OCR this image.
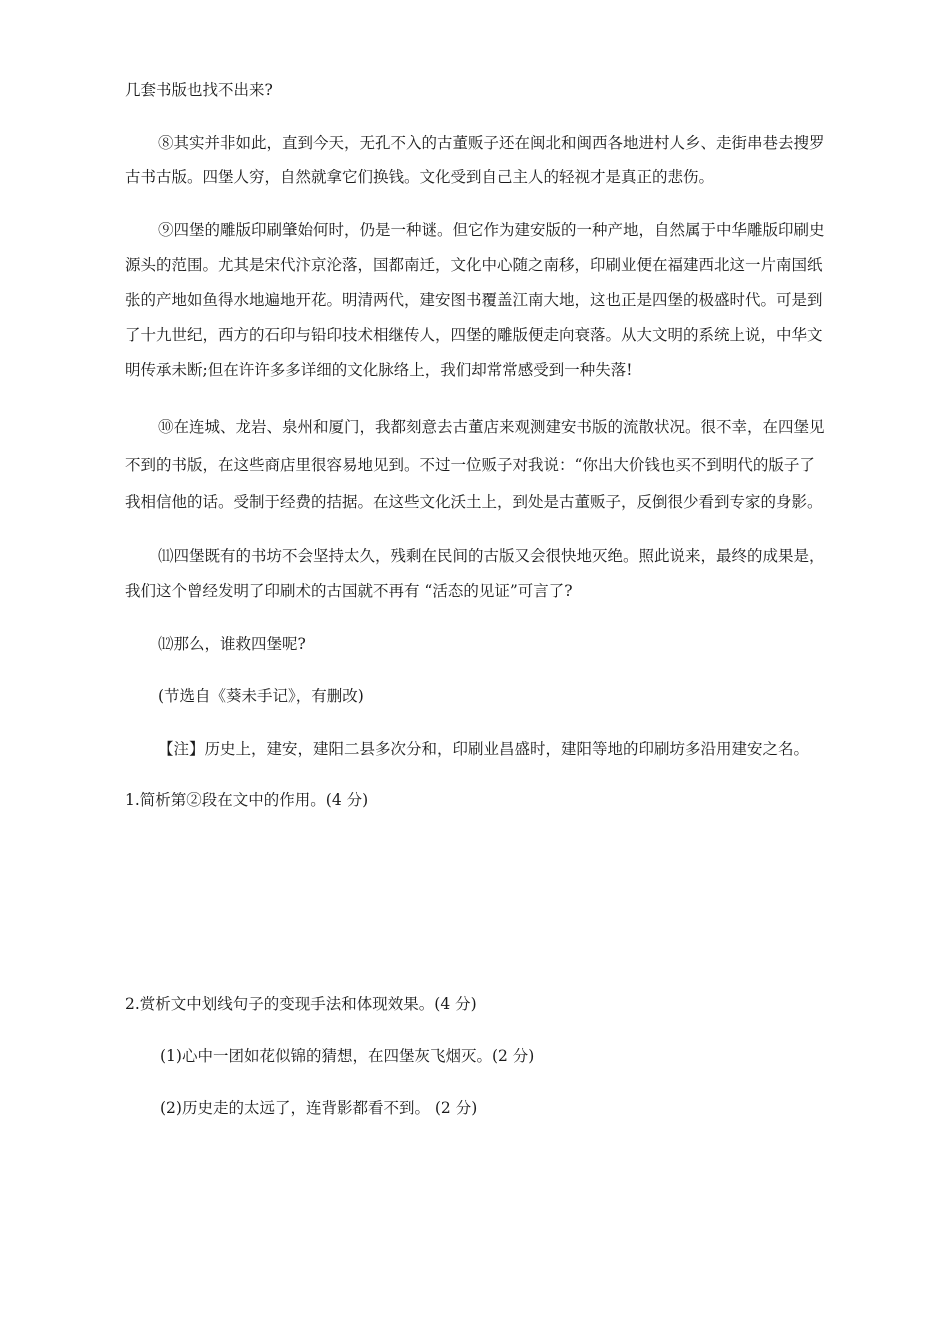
几套书版也找不出来?
⑧其实并非如此，直到今天，无孔不入的古董贩子还在闽北和闽西各地进村人乡、走街串巷去搜罗
古书古版。四堡人穷，自然就拿它们换钱。文化受到自己主人的轻视才是真正的悲伤。
⑨四堡的雕版印刷肇始何时，仍是一种谜。但它作为建安版的一种产地，自然属于中华雕版印刷史
源头的范围。尤其是宋代汴京沦落，国都南迁，文化中心随之南移，印刷业便在福建西北这一片南国纸
张的产地如鱼得水地遍地开花。明清两代，建安图书覆盖江南大地，这也正是四堡的极盛时代。可是到
了十九世纪，西方的石印与铅印技术相继传人，四堡的雕版便走向衰落。从大文明的系统上说，中华文
明传承未断;但在许许多多详细的文化脉络上，我们却常常感受到一种失落!
⑩在连城、龙岩、泉州和厦门，我都刻意去古董店来观测建安书版的流散状况。很不幸，在四堡见
不到的书版，在这些商店里很容易地见到。不过一位贩子对我说：“你出大价钱也买不到明代的版子了
我相信他的话。受制于经费的拮据。在这些文化沃土上，到处是古董贩子，反倒很少看到专家的身影。
⑾四堡既有的书坊不会坚持太久，残剩在民间的古版又会很快地灭绝。照此说来，最终的成果是，
我们这个曾经发明了印刷术的古国就不再有 “活态的见证”可言了?
⑿那么，谁救四堡呢?
(节选自《葵未手记》，有删改)
【注】历史上，建安，建阳二县多次分和，印刷业昌盛时，建阳等地的印刷坊多沿用建安之名。
1.简析第②段在文中的作用。(4 分)
2.赏析文中划线句子的变现手法和体现效果。(4 分)
(1)心中一团如花似锦的猜想，在四堡灰飞烟灭。(2 分)
(2)历史走的太远了，连背影都看不到。 (2 分)
